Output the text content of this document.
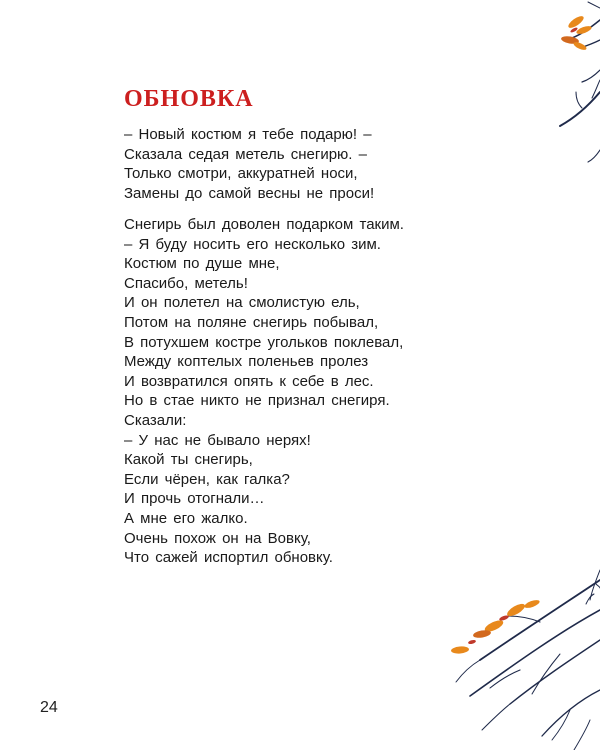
ОБНОВКА
– Новый костюм я тебе подарю! –
Сказала седая метель снегирю. –
Только смотри, аккуратней носи,
Замены до самой весны не проси!
Снегирь был доволен подарком таким.
– Я буду носить его несколько зим.
Костюм по душе мне,
Спасибо, метель!
И он полетел на смолистую ель,
Потом на поляне снегирь побывал,
В потухшем костре угольков поклевал,
Между коптелых поленьев пролез
И возвратился опять к себе в лес.
Но в стае никто не признал снегиря.
Сказали:
– У нас не бывало нерях!
Какой ты снегирь,
Если чёрен, как галка?
И прочь отогнали…
А мне его жалко.
Очень похож он на Вовку,
Что сажей испортил обновку.
24
